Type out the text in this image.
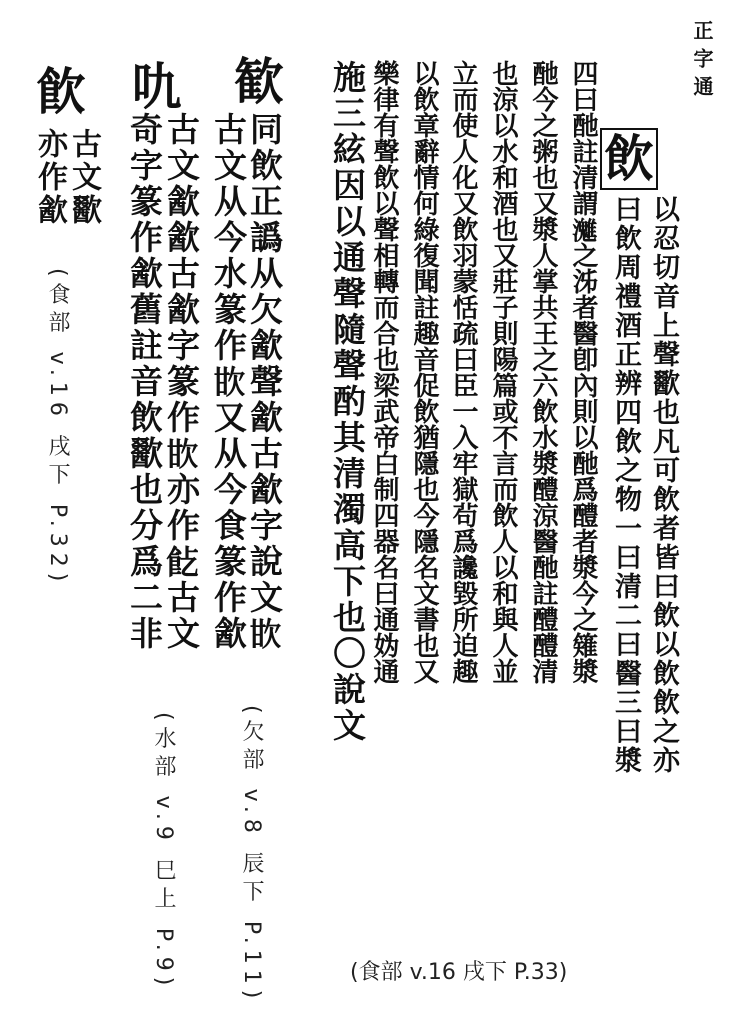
正字通
飲
以忍切音上聲歠也凡可飲者皆曰飲以飲飲之亦
曰飲周禮酒正辨四飲之物一曰清二曰醫三曰漿
四曰酏註清謂𤄛之泲者醫卽內則以酏爲醴者漿今之䉜漿
酏今之粥也又漿人掌共王之六飲水漿醴涼醫酏註醴醴清
也涼以水和酒也又莊子則陽篇或不言而飲人以和與人並
立而使人化又飲羽蒙恬疏曰臣一入牢獄茍爲讒毀所迫趣
以飲章辭情何綠復聞註趣音促飲猶隱也今隱名文書也又
樂律有聲飲以聲相轉而合也梁武帝白制四器名曰通妫通
施三絃因以通聲隨聲酌其清濁高下也〇說文
歓
同飲正譌从欠㱃聲㱃古㱃字說文𣢟
古文从今水篆作𣢟又从今食篆作㱃
(欠部 v.8 辰下 P.11)
㕤
古文㱃㱃古㱃字篆作𣢟亦作𩚋古文
奇字篆作㱃舊註音飲歠也分爲二非
(水部 v.9 巳上 P.9)
飮
古文歠
亦作㱃
(食部 v.16 戌下 P.32)
(食部 v.16 戌下 P.33)
